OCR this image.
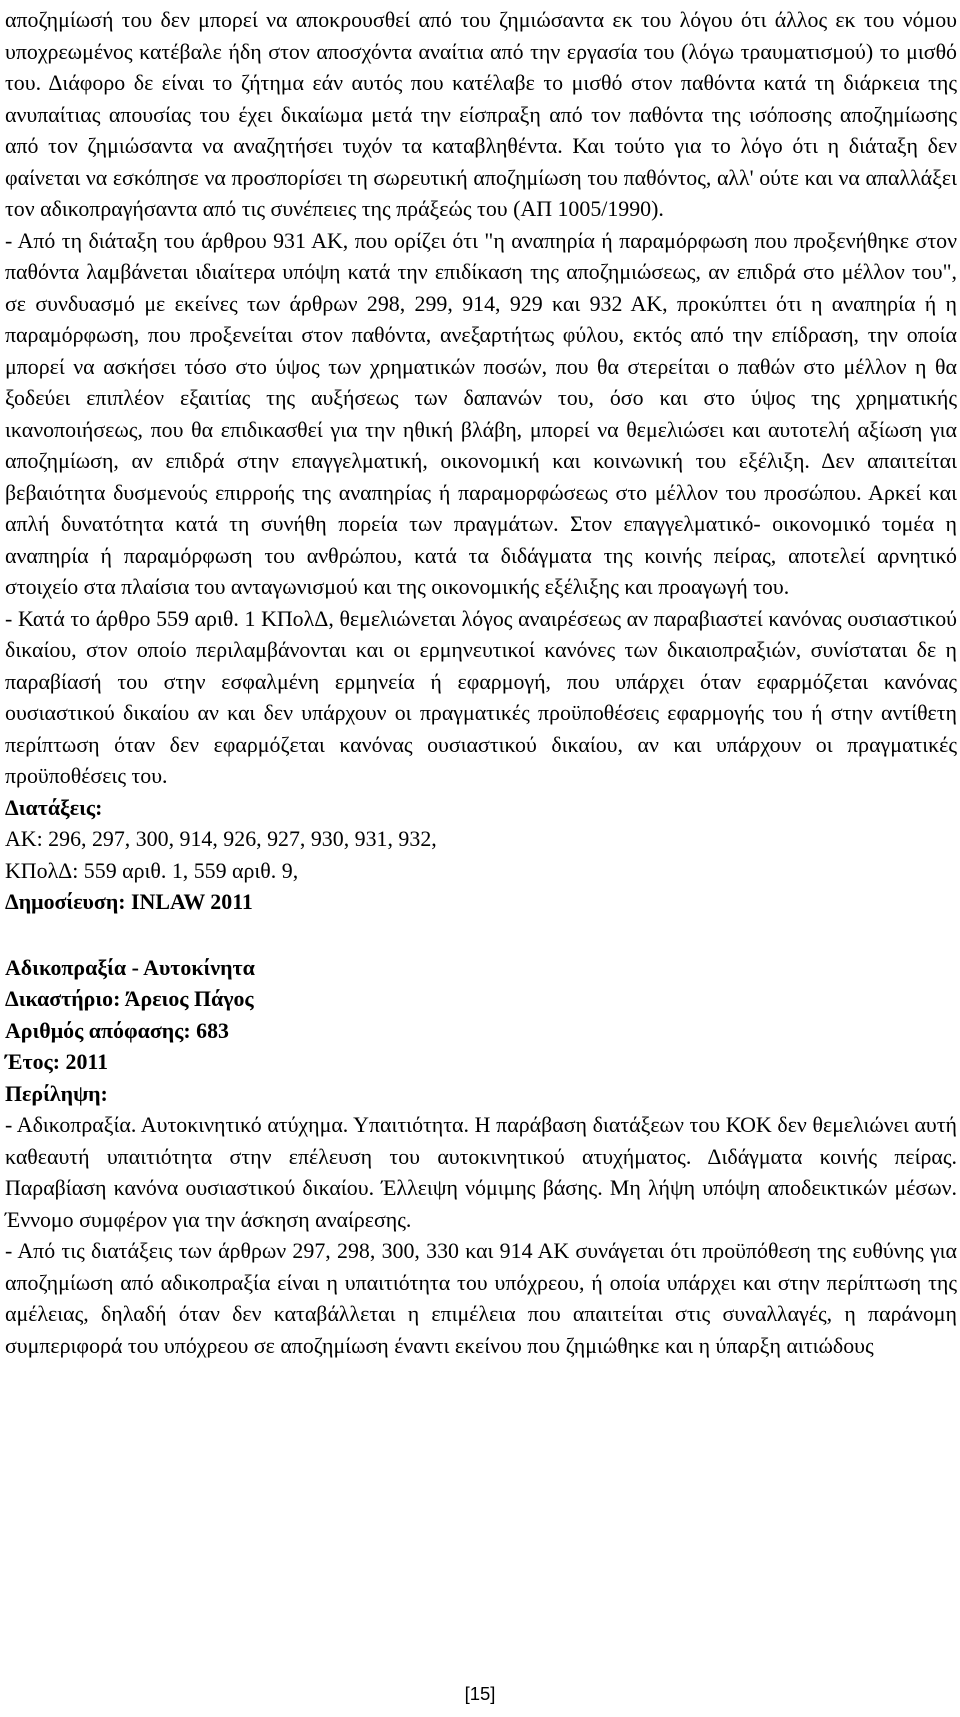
αποζημίωσή του δεν μπορεί να αποκρουσθεί από του ζημιώσαντα εκ του λόγου ότι άλλος εκ του νόμου υποχρεωμένος κατέβαλε ήδη στον αποσχόντα αναίτια από την εργασία του (λόγω τραυματισμού) το μισθό του. Διάφορο δε είναι το ζήτημα εάν αυτός που κατέλαβε το μισθό στον παθόντα κατά τη διάρκεια της ανυπαίτιας απουσίας του έχει δικαίωμα μετά την είσπραξη από τον παθόντα της ισόποσης αποζημίωσης από τον ζημιώσαντα να αναζητήσει τυχόν τα καταβληθέντα. Και τούτο για το λόγο ότι η διάταξη δεν φαίνεται να εσκόπησε να προσπορίσει τη σωρευτική αποζημίωση του παθόντος, αλλ' ούτε και να απαλλάξει τον αδικοπραγήσαντα από τις συνέπειες της πράξεώς του (ΑΠ 1005/1990).

- Από τη διάταξη του άρθρου 931 ΑΚ, που ορίζει ότι "η αναπηρία ή παραμόρφωση που προξενήθηκε στον παθόντα λαμβάνεται ιδιαίτερα υπόψη κατά την επιδίκαση της αποζημιώσεως, αν επιδρά στο μέλλον του", σε συνδυασμό με εκείνες των άρθρων 298, 299, 914, 929 και 932 ΑΚ, προκύπτει ότι η αναπηρία ή η παραμόρφωση, που προξενείται στον παθόντα, ανεξαρτήτως φύλου, εκτός από την επίδραση, την οποία μπορεί να ασκήσει τόσο στο ύψος των χρηματικών ποσών, που θα στερείται ο παθών στο μέλλον η θα ξοδεύει επιπλέον εξαιτίας της αυξήσεως των δαπανών του, όσο και στο ύψος της χρηματικής ικανοποιήσεως, που θα επιδικασθεί για την ηθική βλάβη, μπορεί να θεμελιώσει και αυτοτελή αξίωση για αποζημίωση, αν επιδρά στην επαγγελματική, οικονομική και κοινωνική του εξέλιξη. Δεν απαιτείται βεβαιότητα δυσμενούς επιρροής της αναπηρίας ή παραμορφώσεως στο μέλλον του προσώπου. Αρκεί και απλή δυνατότητα κατά τη συνήθη πορεία των πραγμάτων. Στον επαγγελματικό- οικονομικό τομέα η αναπηρία ή παραμόρφωση του ανθρώπου, κατά τα διδάγματα της κοινής πείρας, αποτελεί αρνητικό στοιχείο στα πλαίσια του ανταγωνισμού και της οικονομικής εξέλιξης και προαγωγή του.

- Κατά το άρθρο 559 αριθ. 1 ΚΠολΔ, θεμελιώνεται λόγος αναιρέσεως αν παραβιαστεί κανόνας ουσιαστικού δικαίου, στον οποίο περιλαμβάνονται και οι ερμηνευτικοί κανόνες των δικαιοπραξιών, συνίσταται δε η παραβίασή του στην εσφαλμένη ερμηνεία ή εφαρμογή, που υπάρχει όταν εφαρμόζεται κανόνας ουσιαστικού δικαίου αν και δεν υπάρχουν οι πραγματικές προϋποθέσεις εφαρμογής του ή στην αντίθετη περίπτωση όταν δεν εφαρμόζεται κανόνας ουσιαστικού δικαίου, αν και υπάρχουν οι πραγματικές προϋποθέσεις του.

Διατάξεις:

ΑΚ: 296, 297, 300, 914, 926, 927, 930, 931, 932,

ΚΠολΔ: 559 αριθ. 1, 559 αριθ. 9,

Δημοσίευση: INLAW 2011

Αδικοπραξία - Αυτοκίνητα

Δικαστήριο: Άρειος Πάγος

Αριθμός απόφασης: 683

Έτος: 2011

Περίληψη:

- Αδικοπραξία. Αυτοκινητικό ατύχημα. Υπαιτιότητα. Η παράβαση διατάξεων του ΚΟΚ δεν θεμελιώνει αυτή καθεαυτή υπαιτιότητα στην επέλευση του αυτοκινητικού ατυχήματος. Διδάγματα κοινής πείρας. Παραβίαση κανόνα ουσιαστικού δικαίου. Έλλειψη νόμιμης βάσης. Μη λήψη υπόψη αποδεικτικών μέσων. Έννομο συμφέρον για την άσκηση αναίρεσης.

- Από τις διατάξεις των άρθρων 297, 298, 300, 330 και 914 ΑΚ συνάγεται ότι προϋπόθεση της ευθύνης για αποζημίωση από αδικοπραξία είναι η υπαιτιότητα του υπόχρεου, ή οποία υπάρχει και στην περίπτωση της αμέλειας, δηλαδή όταν δεν καταβάλλεται η επιμέλεια που απαιτείται στις συναλλαγές, η παράνομη συμπεριφορά του υπόχρεου σε αποζημίωση έναντι εκείνου που ζημιώθηκε και η ύπαρξη αιτιώδους

[15]
